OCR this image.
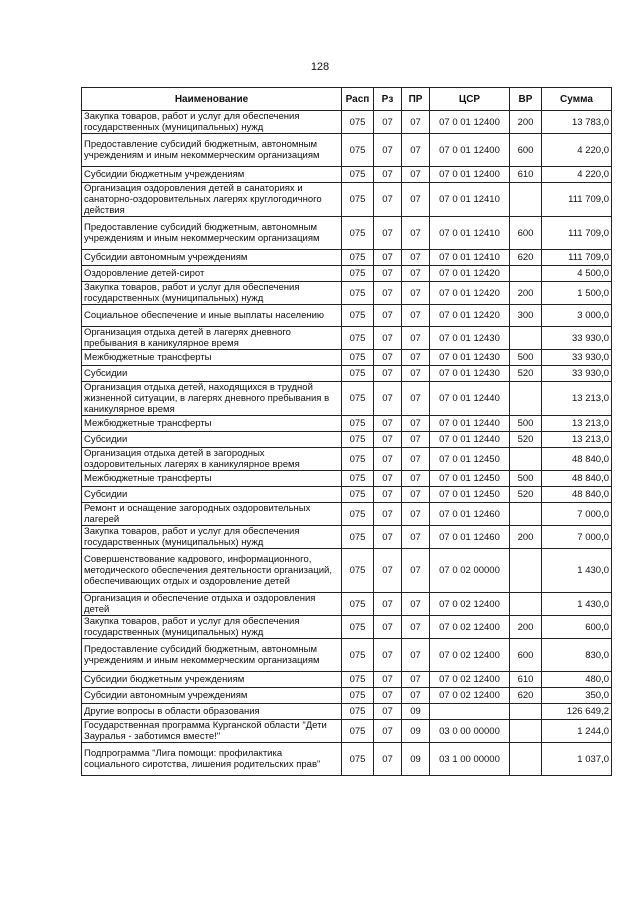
128
Наименование	Расп	Рз	ПР	ЦСР	ВР	Сумма
Закупка товаров, работ и услуг для обеспечения государственных (муниципальных) нужд	075	07	07	07 0 01 12400	200	13 783,0
Предоставление субсидий бюджетным, автономным учреждениям и иным некоммерческим организациям	075	07	07	07 0 01 12400	600	4 220,0
Субсидии бюджетным учреждениям	075	07	07	07 0 01 12400	610	4 220,0
Организация оздоровления детей в санаториях и санаторно-оздоровительных лагерях круглогодичного действия	075	07	07	07 0 01 12410		111 709,0
Предоставление субсидий бюджетным, автономным учреждениям и иным некоммерческим организациям	075	07	07	07 0 01 12410	600	111 709,0
Субсидии автономным учреждениям	075	07	07	07 0 01 12410	620	111 709,0
Оздоровление детей-сирот	075	07	07	07 0 01 12420		4 500,0
Закупка товаров, работ и услуг для обеспечения государственных (муниципальных) нужд	075	07	07	07 0 01 12420	200	1 500,0
Социальное обеспечение и иные выплаты населению	075	07	07	07 0 01 12420	300	3 000,0
Организация отдыха детей в лагерях дневного пребывания в каникулярное время	075	07	07	07 0 01 12430		33 930,0
Межбюджетные трансферты	075	07	07	07 0 01 12430	500	33 930,0
Субсидии	075	07	07	07 0 01 12430	520	33 930,0
Организация отдыха детей, находящихся в трудной жизненной ситуации, в лагерях дневного пребывания в каникулярное время	075	07	07	07 0 01 12440		13 213,0
Межбюджетные трансферты	075	07	07	07 0 01 12440	500	13 213,0
Субсидии	075	07	07	07 0 01 12440	520	13 213,0
Организация отдыха детей в загородных оздоровительных лагерях в каникулярное время	075	07	07	07 0 01 12450		48 840,0
Межбюджетные трансферты	075	07	07	07 0 01 12450	500	48 840,0
Субсидии	075	07	07	07 0 01 12450	520	48 840,0
Ремонт и оснащение загородных оздоровительных лагерей	075	07	07	07 0 01 12460		7 000,0
Закупка товаров, работ и услуг для обеспечения государственных (муниципальных) нужд	075	07	07	07 0 01 12460	200	7 000,0
Совершенствование кадрового, информационного, методического обеспечения деятельности организаций, обеспечивающих отдых и оздоровление детей	075	07	07	07 0 02 00000		1 430,0
Организация и обеспечение отдыха и оздоровления детей	075	07	07	07 0 02 12400		1 430,0
Закупка товаров, работ и услуг для обеспечения государственных (муниципальных) нужд	075	07	07	07 0 02 12400	200	600,0
Предоставление субсидий бюджетным, автономным учреждениям и иным некоммерческим организациям	075	07	07	07 0 02 12400	600	830,0
Субсидии бюджетным учреждениям	075	07	07	07 0 02 12400	610	480,0
Субсидии автономным учреждениям	075	07	07	07 0 02 12400	620	350,0
Другие вопросы в области образования	075	07	09			126 649,2
Государственная программа Курганской области "Дети Зауралья - заботимся вместе!"	075	07	09	03 0 00 00000		1 244,0
Подпрограмма "Лига помощи: профилактика социального сиротства, лишения родительских прав"	075	07	09	03 1 00 00000		1 037,0
